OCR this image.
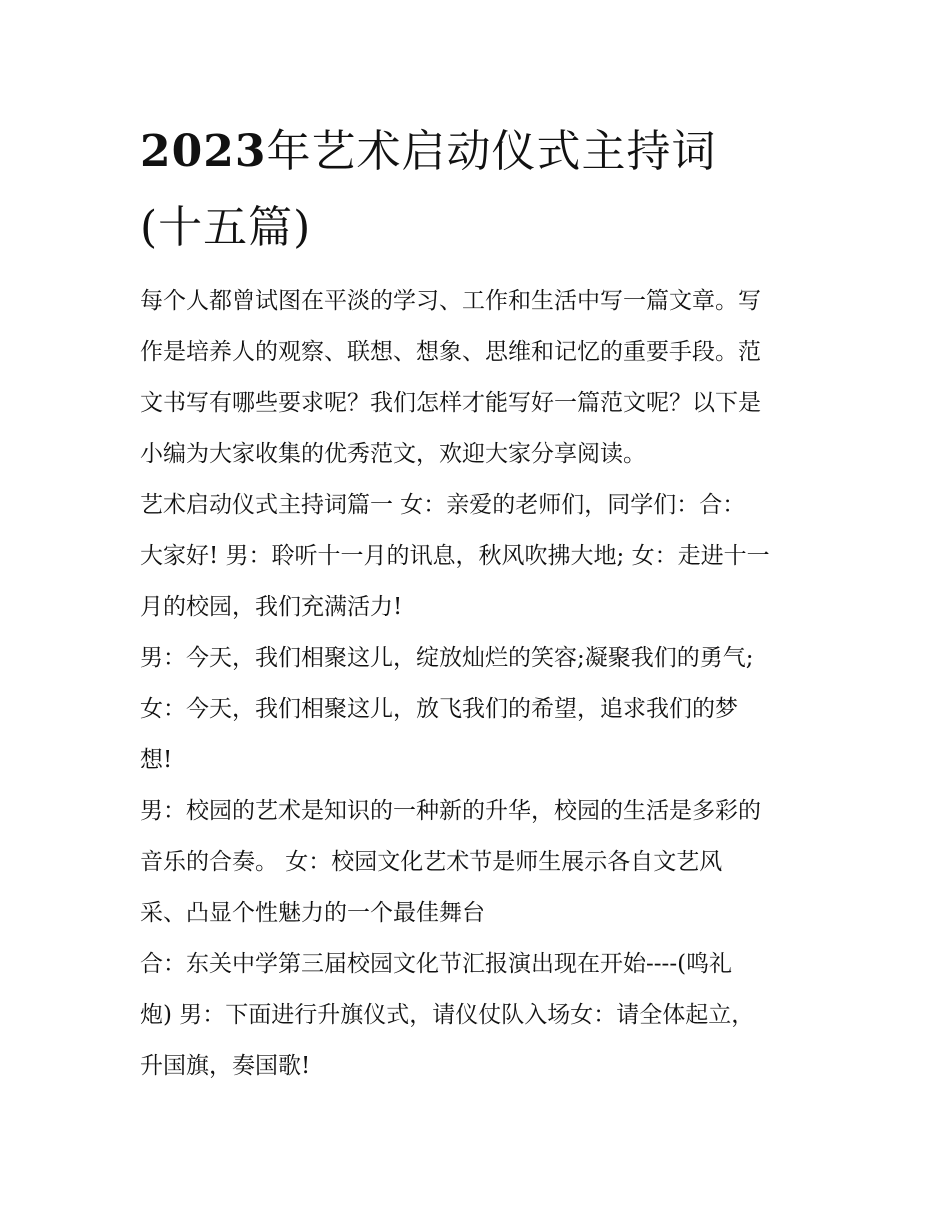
2023年艺术启动仪式主持词
(十五篇)
每个人都曾试图在平淡的学习、工作和生活中写一篇文章。写
作是培养人的观察、联想、想象、思维和记忆的重要手段。范
文书写有哪些要求呢？我们怎样才能写好一篇范文呢？以下是
小编为大家收集的优秀范文，欢迎大家分享阅读。
艺术启动仪式主持词篇一 女：亲爱的老师们，同学们：合：
大家好! 男：聆听十一月的讯息，秋风吹拂大地; 女：走进十一
月的校园，我们充满活力!
男：今天，我们相聚这儿，绽放灿烂的笑容;凝聚我们的勇气;
女：今天，我们相聚这儿，放飞我们的希望，追求我们的梦
想!
男：校园的艺术是知识的一种新的升华，校园的生活是多彩的
音乐的合奏。 女：校园文化艺术节是师生展示各自文艺风
采、凸显个性魅力的一个最佳舞台
合：东关中学第三届校园文化节汇报演出现在开始----(鸣礼
炮) 男：下面进行升旗仪式，请仪仗队入场女：请全体起立，
升国旗，奏国歌!
